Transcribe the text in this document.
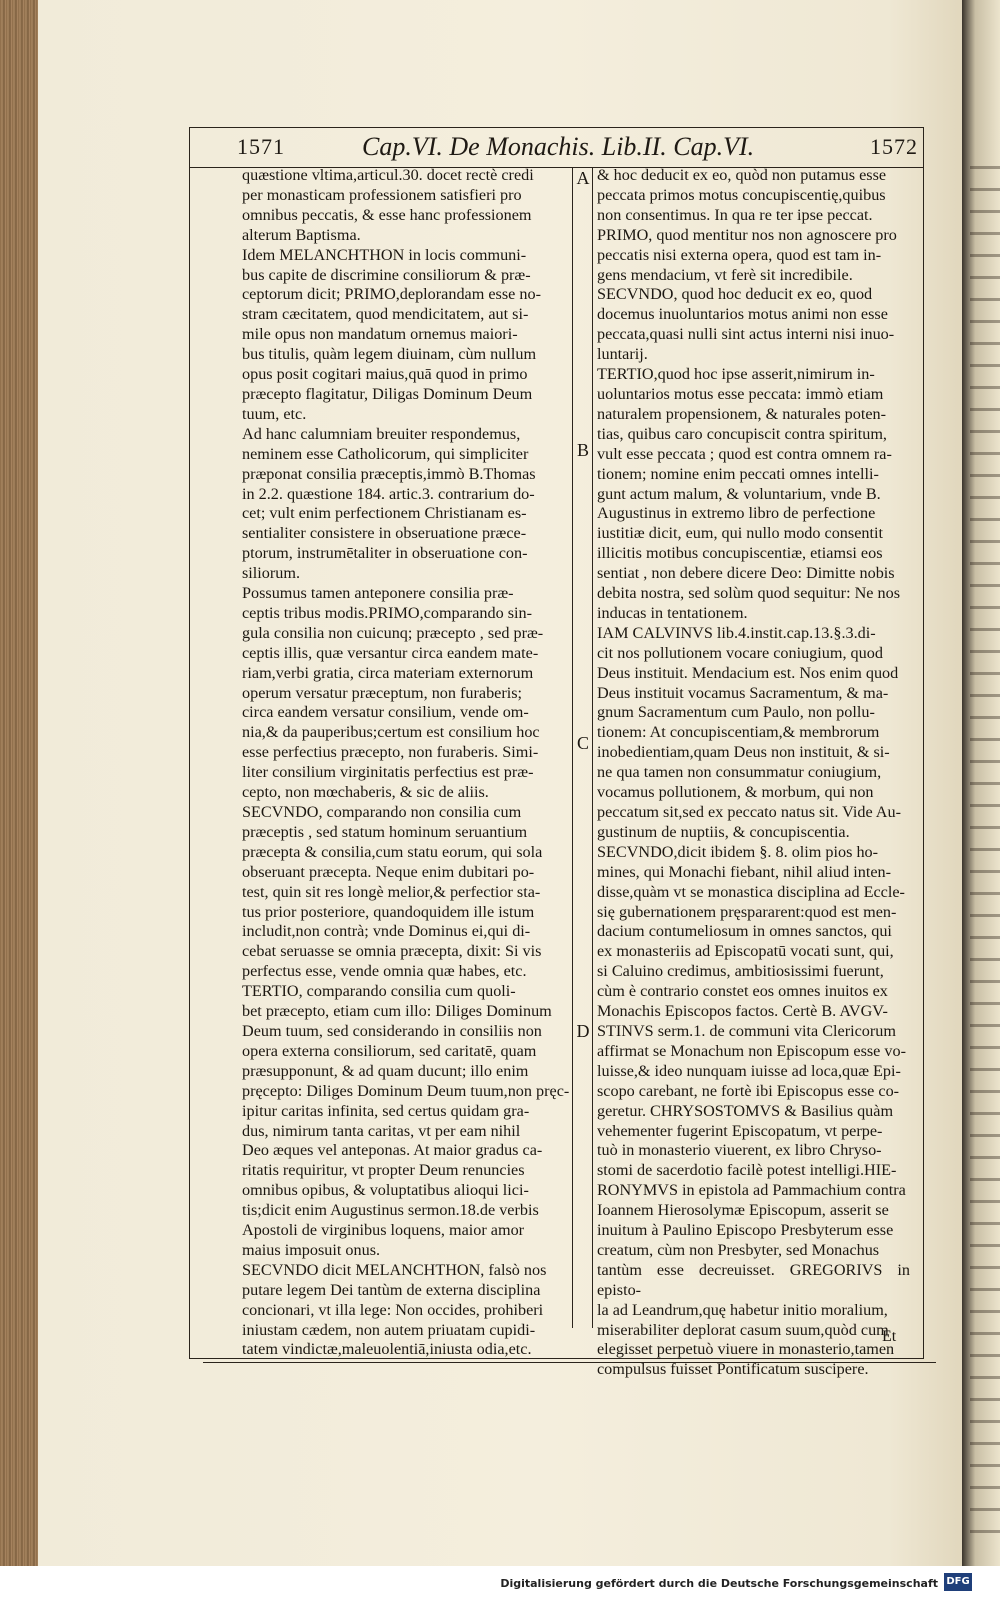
1571	Cap.VI. De Monachis. Lib.II. Cap.VI.	1572

quæstione vltima,articul.30. docet rectè credi
per monasticam professionem satisfieri pro
omnibus peccatis, & esse hanc professionem
alterum Baptisma.

Idem MELANCHTHON in locis communi-
bus capite de discrimine consiliorum & præ-
ceptorum dicit; PRIMO,deplorandam esse no-
stram cæcitatem, quod mendicitatem, aut si-
mile opus non mandatum ornemus maiori-
bus titulis, quàm legem diuinam, cùm nullum
opus posit cogitari maius,quā quod in primo
præcepto flagitatur, Diligas Dominum Deum
tuum, etc.

Ad hanc calumniam breuiter respondemus,
neminem esse Catholicorum, qui simpliciter
præponat consilia præceptis,immò B.Thomas
in 2.2. quæstione 184. artic.3. contrarium do-
cet; vult enim perfectionem Christianam es-
sentialiter consistere in obseruatione præce-
ptorum, instrumētaliter in obseruatione con-
siliorum.

Possumus tamen anteponere consilia præ-
ceptis tribus modis.PRIMO,comparando sin-
gula consilia non cuicunq; præcepto , sed præ-
ceptis illis, quæ versantur circa eandem mate-
riam,verbi gratia, circa materiam externorum
operum versatur præceptum, non furaberis;
circa eandem versatur consilium, vende om-
nia,& da pauperibus;certum est consilium hoc
esse perfectius præcepto, non furaberis. Simi-
liter consilium virginitatis perfectius est præ-
cepto, non mœchaberis, & sic de aliis.

SECVNDO, comparando non consilia cum
præceptis , sed statum hominum seruantium
præcepta & consilia,cum statu eorum, qui sola
obseruant præcepta. Neque enim dubitari po-
test, quin sit res longè melior,& perfectior sta-
tus prior posteriore, quandoquidem ille istum
includit,non contrà; vnde Dominus ei,qui di-
cebat seruasse se omnia præcepta, dixit: Si vis
perfectus esse, vende omnia quæ habes, etc.

TERTIO, comparando consilia cum quoli-
bet præcepto, etiam cum illo: Diliges Dominum
Deum tuum, sed considerando in consiliis non
opera externa consiliorum, sed caritatē, quam
præsupponunt, & ad quam ducunt; illo enim
pręcepto: Diliges Dominum Deum tuum,non pręc-
ipitur caritas infinita, sed certus quidam gra-
dus, nimirum tanta caritas, vt per eam nihil
Deo æques vel anteponas. At maior gradus ca-
ritatis requiritur, vt propter Deum renuncies
omnibus opibus, & voluptatibus alioqui lici-
tis;dicit enim Augustinus sermon.18.de verbis
Apostoli de virginibus loquens, maior amor
maius imposuit onus.

SECVNDO dicit MELANCHTHON, falsò nos
putare legem Dei tantùm de externa disciplina
concionari, vt illa lege: Non occides, prohiberi
iniustam cædem, non autem priuatam cupidi-
tatem vindictæ,maleuolentiā,iniusta odia,etc.

A
B
C
D

& hoc deducit ex eo, quòd non putamus esse
peccata primos motus concupiscentię,quibus
non consentimus. In qua re ter ipse peccat.
PRIMO, quod mentitur nos non agnoscere pro
peccatis nisi externa opera, quod est tam in-
gens mendacium, vt ferè sit incredibile.

SECVNDO, quod hoc deducit ex eo, quod
docemus inuoluntarios motus animi non esse
peccata,quasi nulli sint actus interni nisi inuo-
luntarij.

TERTIO,quod hoc ipse asserit,nimirum in-
uoluntarios motus esse peccata: immò etiam
naturalem propensionem, & naturales poten-
tias, quibus caro concupiscit contra spiritum,
vult esse peccata ; quod est contra omnem ra-
tionem; nomine enim peccati omnes intelli-
gunt actum malum, & voluntarium, vnde B.
Augustinus in extremo libro de perfectione
iustitiæ dicit, eum, qui nullo modo consentit
illicitis motibus concupiscentiæ, etiamsi eos
sentiat , non debere dicere Deo: Dimitte nobis
debita nostra, sed solùm quod sequitur: Ne nos
inducas in tentationem.

IAM CALVINVS lib.4.instit.cap.13.§.3.di-
cit nos pollutionem vocare coniugium, quod
Deus instituit. Mendacium est. Nos enim quod
Deus instituit vocamus Sacramentum, & ma-
gnum Sacramentum cum Paulo, non pollu-
tionem: At concupiscentiam,& membrorum
inobedientiam,quam Deus non instituit, & si-
ne qua tamen non consummatur coniugium,
vocamus pollutionem, & morbum, qui non
peccatum sit,sed ex peccato natus sit. Vide Au-
gustinum de nuptiis, & concupiscentia.

SECVNDO,dicit ibidem §. 8. olim pios ho-
mines, qui Monachi fiebant, nihil aliud inten-
disse,quàm vt se monastica disciplina ad Eccle-
się gubernationem pręspararent:quod est men-
dacium contumeliosum in omnes sanctos, qui
ex monasteriis ad Episcopatū vocati sunt, qui,
si Caluino credimus, ambitiosissimi fuerunt,
cùm è contrario constet eos omnes inuitos ex
Monachis Episcopos factos. Certè B. AVGV-
STINVS serm.1. de communi vita Clericorum
affirmat se Monachum non Episcopum esse vo-
luisse,& ideo nunquam iuisse ad loca,quæ Epi-
scopo carebant, ne fortè ibi Episcopus esse co-
geretur. CHRYSOSTOMVS & Basilius quàm
vehementer fugerint Episcopatum, vt perpe-
tuò in monasterio viuerent, ex libro Chryso-
stomi de sacerdotio facilè potest intelligi.HIE-
RONYMVS in epistola ad Pammachium contra
Ioannem Hierosolymæ Episcopum, asserit se
inuitum à Paulino Episcopo Presbyterum esse
creatum, cùm non Presbyter, sed Monachus
tantùm esse decreuisset. GREGORIVS in episto-
la ad Leandrum,quę habetur initio moralium,
miserabiliter deplorat casum suum,quòd cum
elegisset perpetuò viuere in monasterio,tamen
compulsus fuisset Pontificatum suscipere.

Et
Digitalisierung gefördert durch die Deutsche Forschungsgemeinschaft DFG
